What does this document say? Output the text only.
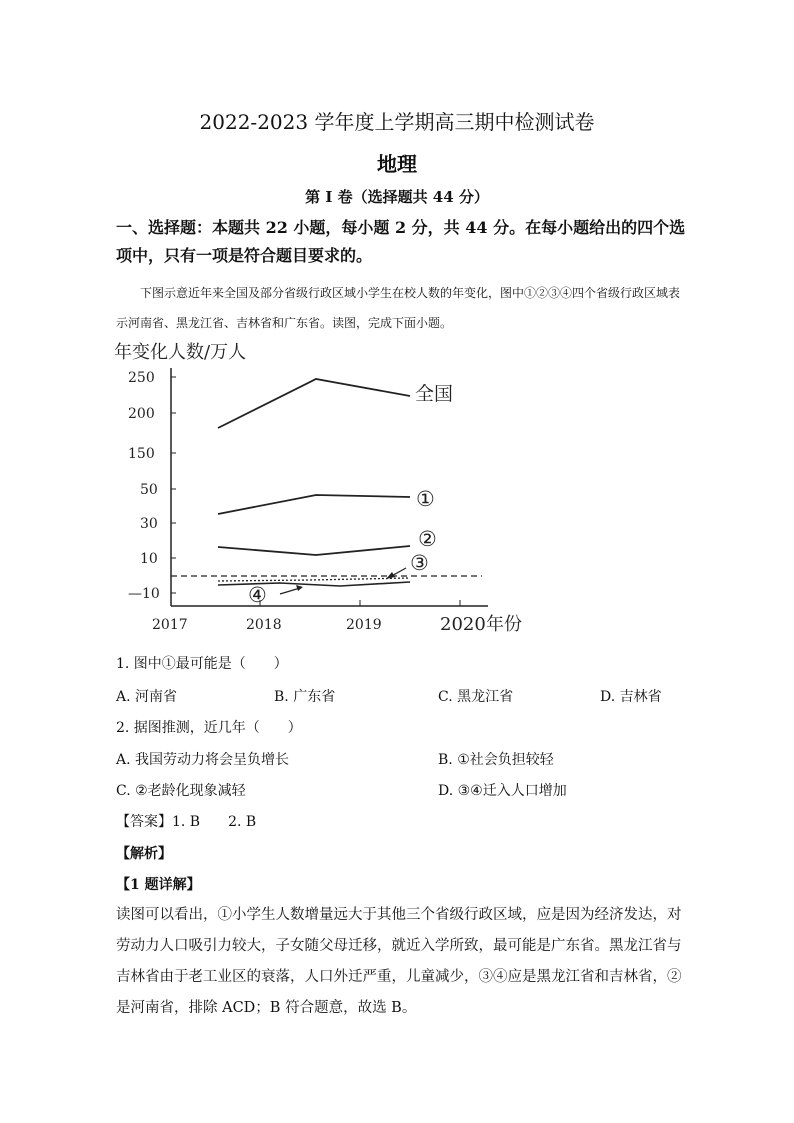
2022-2023 学年度上学期高三期中检测试卷
地理
第 I 卷（选择题共 44 分）
一、选择题：本题共 22 小题，每小题 2 分，共 44 分。在每小题给出的四个选项中，只有一项是符合题目要求的。
下图示意近年来全国及部分省级行政区域小学生在校人数的年变化，图中①②③④四个省级行政区域表示河南省、黑龙江省、吉林省和广东省。读图，完成下面小题。
年变化人数/万人
250
200
150
50
30
10
—10
2017	2018	2019	2020 年份
全国
①
②
③
④
1. 图中①最可能是（　　）
A. 河南省	B. 广东省	C. 黑龙江省	D. 吉林省
2. 据图推测，近几年（　　）
A. 我国劳动力将会呈负增长	B. ①社会负担较轻
C. ②老龄化现象减轻	D. ③④迁入人口增加
【答案】1. B　　2. B
【解析】
【1 题详解】
读图可以看出，①小学生人数增量远大于其他三个省级行政区域，应是因为经济发达，对劳动力人口吸引力较大，子女随父母迁移，就近入学所致，最可能是广东省。黑龙江省与吉林省由于老工业区的衰落，人口外迁严重，儿童减少，③④应是黑龙江省和吉林省，②是河南省，排除 ACD；B 符合题意，故选 B。
